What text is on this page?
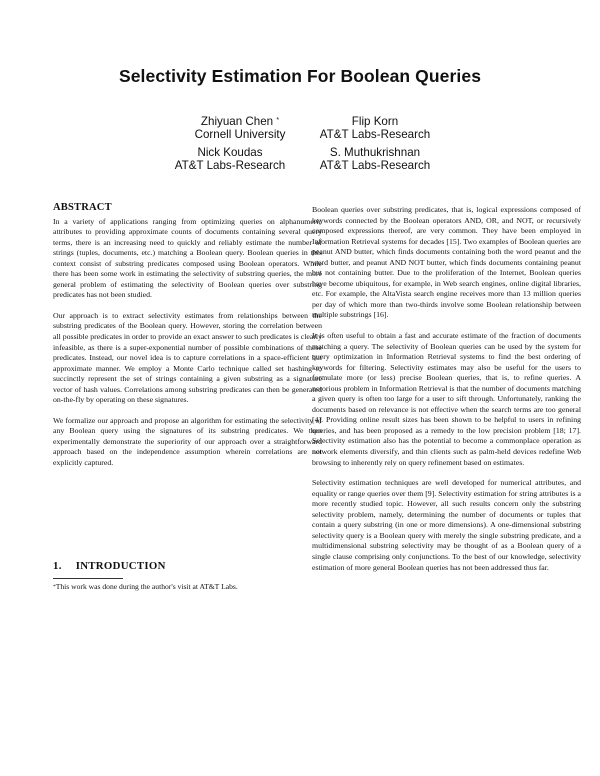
Selectivity Estimation For Boolean Queries
Zhiyuan Chen *
Cornell University
Flip Korn
AT&T Labs-Research
Nick Koudas
AT&T Labs-Research
S. Muthukrishnan
AT&T Labs-Research
ABSTRACT

In a variety of applications ranging from optimizing queries on alphanumeric attributes to providing approximate counts of documents containing several query terms, there is an increasing need to quickly and reliably estimate the number of strings (tuples, documents, etc.) matching a Boolean query. Boolean queries in this context consist of substring predicates composed using Boolean operators. While there has been some work in estimating the selectivity of substring queries, the more general problem of estimating the selectivity of Boolean queries over substring predicates has not been studied.

Our approach is to extract selectivity estimates from relationships between the substring predicates of the Boolean query. However, storing the correlation between all possible predicates in order to provide an exact answer to such predicates is clearly infeasible, as there is a super-exponential number of possible combinations of these predicates. Instead, our novel idea is to capture correlations in a space-efficient but approximate manner. We employ a Monte Carlo technique called set hashing to succinctly represent the set of strings containing a given substring as a signature vector of hash values. Correlations among substring predicates can then be generated on-the-fly by operating on these signatures.

We formalize our approach and propose an algorithm for estimating the selectivity of any Boolean query using the signatures of its substring predicates. We then experimentally demonstrate the superiority of our approach over a straightforward approach based on the independence assumption wherein correlations are not explicitly captured.

1. INTRODUCTION
*This work was done during the author's visit at AT&T Labs.

Boolean queries over substring predicates, that is, logical expressions composed of keywords connected by the Boolean operators AND, OR, and NOT, or recursively composed expressions thereof, are very common. They have been employed in Information Retrieval systems for decades [15]. Two examples of Boolean queries are peanut AND butter, which finds documents containing both the word peanut and the word butter, and peanut AND NOT butter, which finds documents containing peanut but not containing butter. Due to the proliferation of the Internet, Boolean queries have become ubiquitous, for example, in Web search engines, online digital libraries, etc. For example, the AltaVista search engine receives more than 13 million queries per day of which more than two-thirds involve some Boolean relationship between multiple substrings [16].

It is often useful to obtain a fast and accurate estimate of the fraction of documents matching a query. The selectivity of Boolean queries can be used by the system for query optimization in Information Retrieval systems to find the best ordering of keywords for filtering. Selectivity estimates may also be useful for the users to formulate more (or less) precise Boolean queries, that is, to refine queries. A notorious problem in Information Retrieval is that the number of documents matching a given query is often too large for a user to sift through. Unfortunately, ranking the documents based on relevance is not effective when the search terms are too general [4]. Providing online result sizes has been shown to be helpful to users in refining queries, and has been proposed as a remedy to the low precision problem [18; 17]. Selectivity estimation also has the potential to become a commonplace operation as network elements diversify, and thin clients such as palm-held devices redefine Web browsing to inherently rely on query refinement based on estimates.

Selectivity estimation techniques are well developed for numerical attributes, and equality or range queries over them [9]. Selectivity estimation for string attributes is a more recently studied topic. However, all such results concern only the substring selectivity problem, namely, determining the number of documents or tuples that contain a query substring (in one or more dimensions). A one-dimensional substring selectivity query is a Boolean query with merely the single substring predicate, and a multidimensional substring selectivity may be thought of as a Boolean query of a single clause comprising only conjunctions. To the best of our knowledge, selectivity estimation of more general Boolean queries has not been addressed thus far.
